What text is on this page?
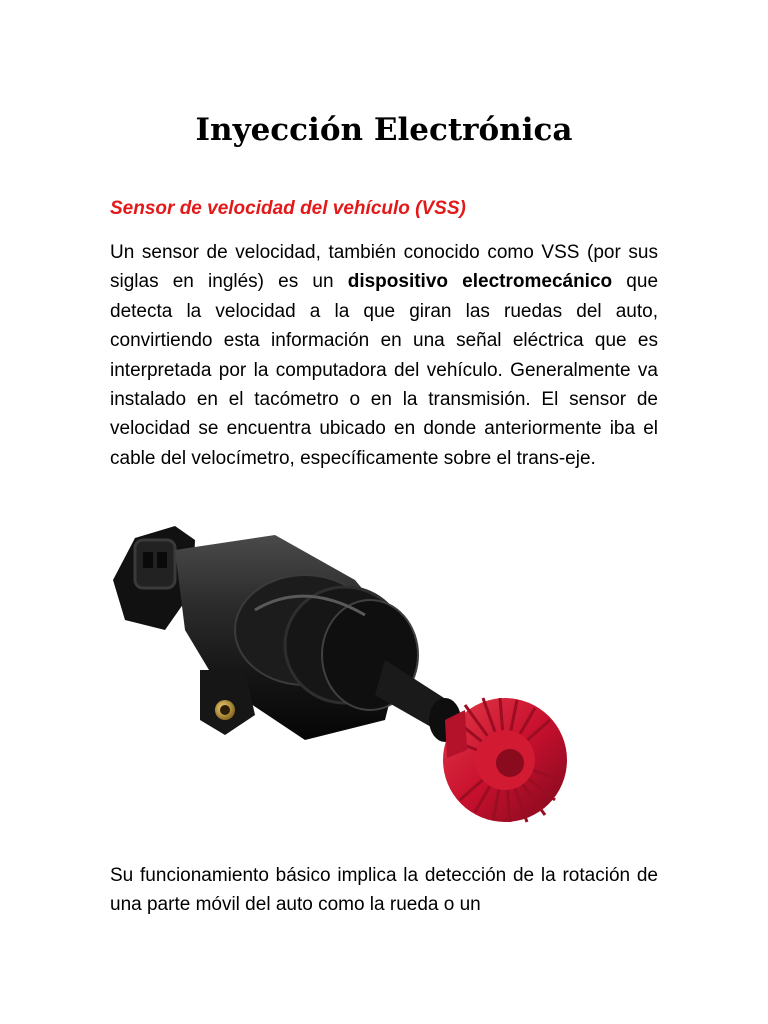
Inyección Electrónica
Sensor de velocidad del vehículo (VSS)

Un sensor de velocidad, también conocido como VSS (por sus siglas en inglés) es un dispositivo electromecánico que detecta la velocidad a la que giran las ruedas del auto, convirtiendo esta información en una señal eléctrica que es interpretada por la computadora del vehículo. Generalmente va instalado en el tacómetro o en la transmisión. El sensor de velocidad se encuentra ubicado en donde anteriormente iba el cable del velocímetro, específicamente sobre el trans-eje.

Su funcionamiento básico implica la detección de la rotación de una parte móvil del auto como la rueda o un
